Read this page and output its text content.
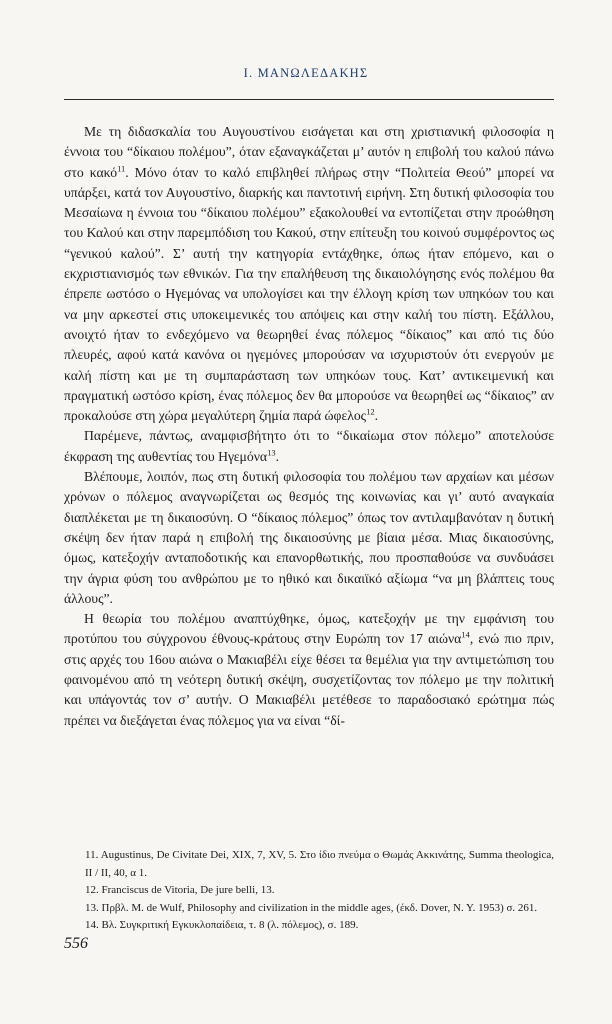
Ι. ΜΑΝΩΛΕΔΑΚΗΣ

Με τη διδασκαλία του Αυγουστίνου εισάγεται και στη χριστιανική φιλοσοφία η έννοια του “δίκαιου πολέμου”, όταν εξαναγκάζεται μ’ αυτόν η επιβολή του καλού πάνω στο κακό$^{11}$. Μόνο όταν το καλό επιβληθεί πλήρως στην “Πολιτεία Θεού” μπορεί να υπάρξει, κατά τον Αυγουστίνο, διαρκής και παντοτινή ειρήνη. Στη δυτική φιλοσοφία του Μεσαίωνα η έννοια του “δίκαιου πολέμου” εξακολουθεί να εντοπίζεται στην προώθηση του Καλού και στην παρεμπόδιση του Κακού, στην επίτευξη του κοινού συμφέροντος ως “γενικού καλού”. Σ’ αυτή την κατηγορία εντάχθηκε, όπως ήταν επόμενο, και ο εκχριστιανισμός των εθνικών. Για την επαλήθευση της δικαιολόγησης ενός πολέμου θα έπρεπε ωστόσο ο Ηγεμόνας να υπολογίσει και την έλλογη κρίση των υπηκόων του και να μην αρκεστεί στις υποκειμενικές του απόψεις και στην καλή του πίστη. Εξάλλου, ανοιχτό ήταν το ενδεχόμενο να θεωρηθεί ένας πόλεμος “δίκαιος” και από τις δύο πλευρές, αφού κατά κανόνα οι ηγεμόνες μπορούσαν να ισχυριστούν ότι ενεργούν με καλή πίστη και με τη συμπαράσταση των υπηκόων τους. Κατ’ αντικειμενική και πραγματική ωστόσο κρίση, ένας πόλεμος δεν θα μπορούσε να θεωρηθεί ως “δίκαιος” αν προκαλούσε στη χώρα μεγαλύτερη ζημία παρά ώφελος$^{12}$.

Παρέμενε, πάντως, αναμφισβήτητο ότι το “δικαίωμα στον πόλεμο” αποτελούσε έκφραση της αυθεντίας του Ηγεμόνα$^{13}$.

Βλέπουμε, λοιπόν, πως στη δυτική φιλοσοφία του πολέμου των αρχαίων και μέσων χρόνων ο πόλεμος αναγνωρίζεται ως θεσμός της κοινωνίας και γι’ αυτό αναγκαία διαπλέκεται με τη δικαιοσύνη. Ο “δίκαιος πόλεμος” όπως τον αντιλαμβανόταν η δυτική σκέψη δεν ήταν παρά η επιβολή της δικαιοσύνης με βίαια μέσα. Μιας δικαιοσύνης, όμως, κατεξοχήν ανταποδοτικής και επανορθωτικής, που προσπαθούσε να συνδυάσει την άγρια φύση του ανθρώπου με το ηθικό και δικαιϊκό αξίωμα “να μη βλάπτεις τους άλλους”.

Η θεωρία του πολέμου αναπτύχθηκε, όμως, κατεξοχήν με την εμφάνιση του προτύπου του σύγχρονου έθνους-κράτους στην Ευρώπη τον 17 αιώνα$^{14}$, ενώ πιο πριν, στις αρχές του 16ου αιώνα ο Μακιαβέλι είχε θέσει τα θεμέλια για την αντιμετώπιση του φαινομένου από τη νεότερη δυτική σκέψη, συσχετίζοντας τον πόλεμο με την πολιτική και υπάγοντάς τον σ’ αυτήν. Ο Μακιαβέλι μετέθεσε το παραδοσιακό ερώτημα πώς πρέπει να διεξάγεται ένας πόλεμος για να είναι “δί-

11. Augustinus, De Civitate Dei, XIX, 7, XV, 5. Στο ίδιο πνεύμα ο Θωμάς Ακκινάτης, Summa theologica, II / II, 40, α 1.

12. Franciscus de Vitoria, De jure belli, 13.

13. Πρβλ. M. de Wulf, Philosophy and civilization in the middle ages, (έκδ. Dover, N. Y. 1953) σ. 261.

14. Βλ. Συγκριτική Εγκυκλοπαίδεια, τ. 8 (λ. πόλεμος), σ. 189.

556
